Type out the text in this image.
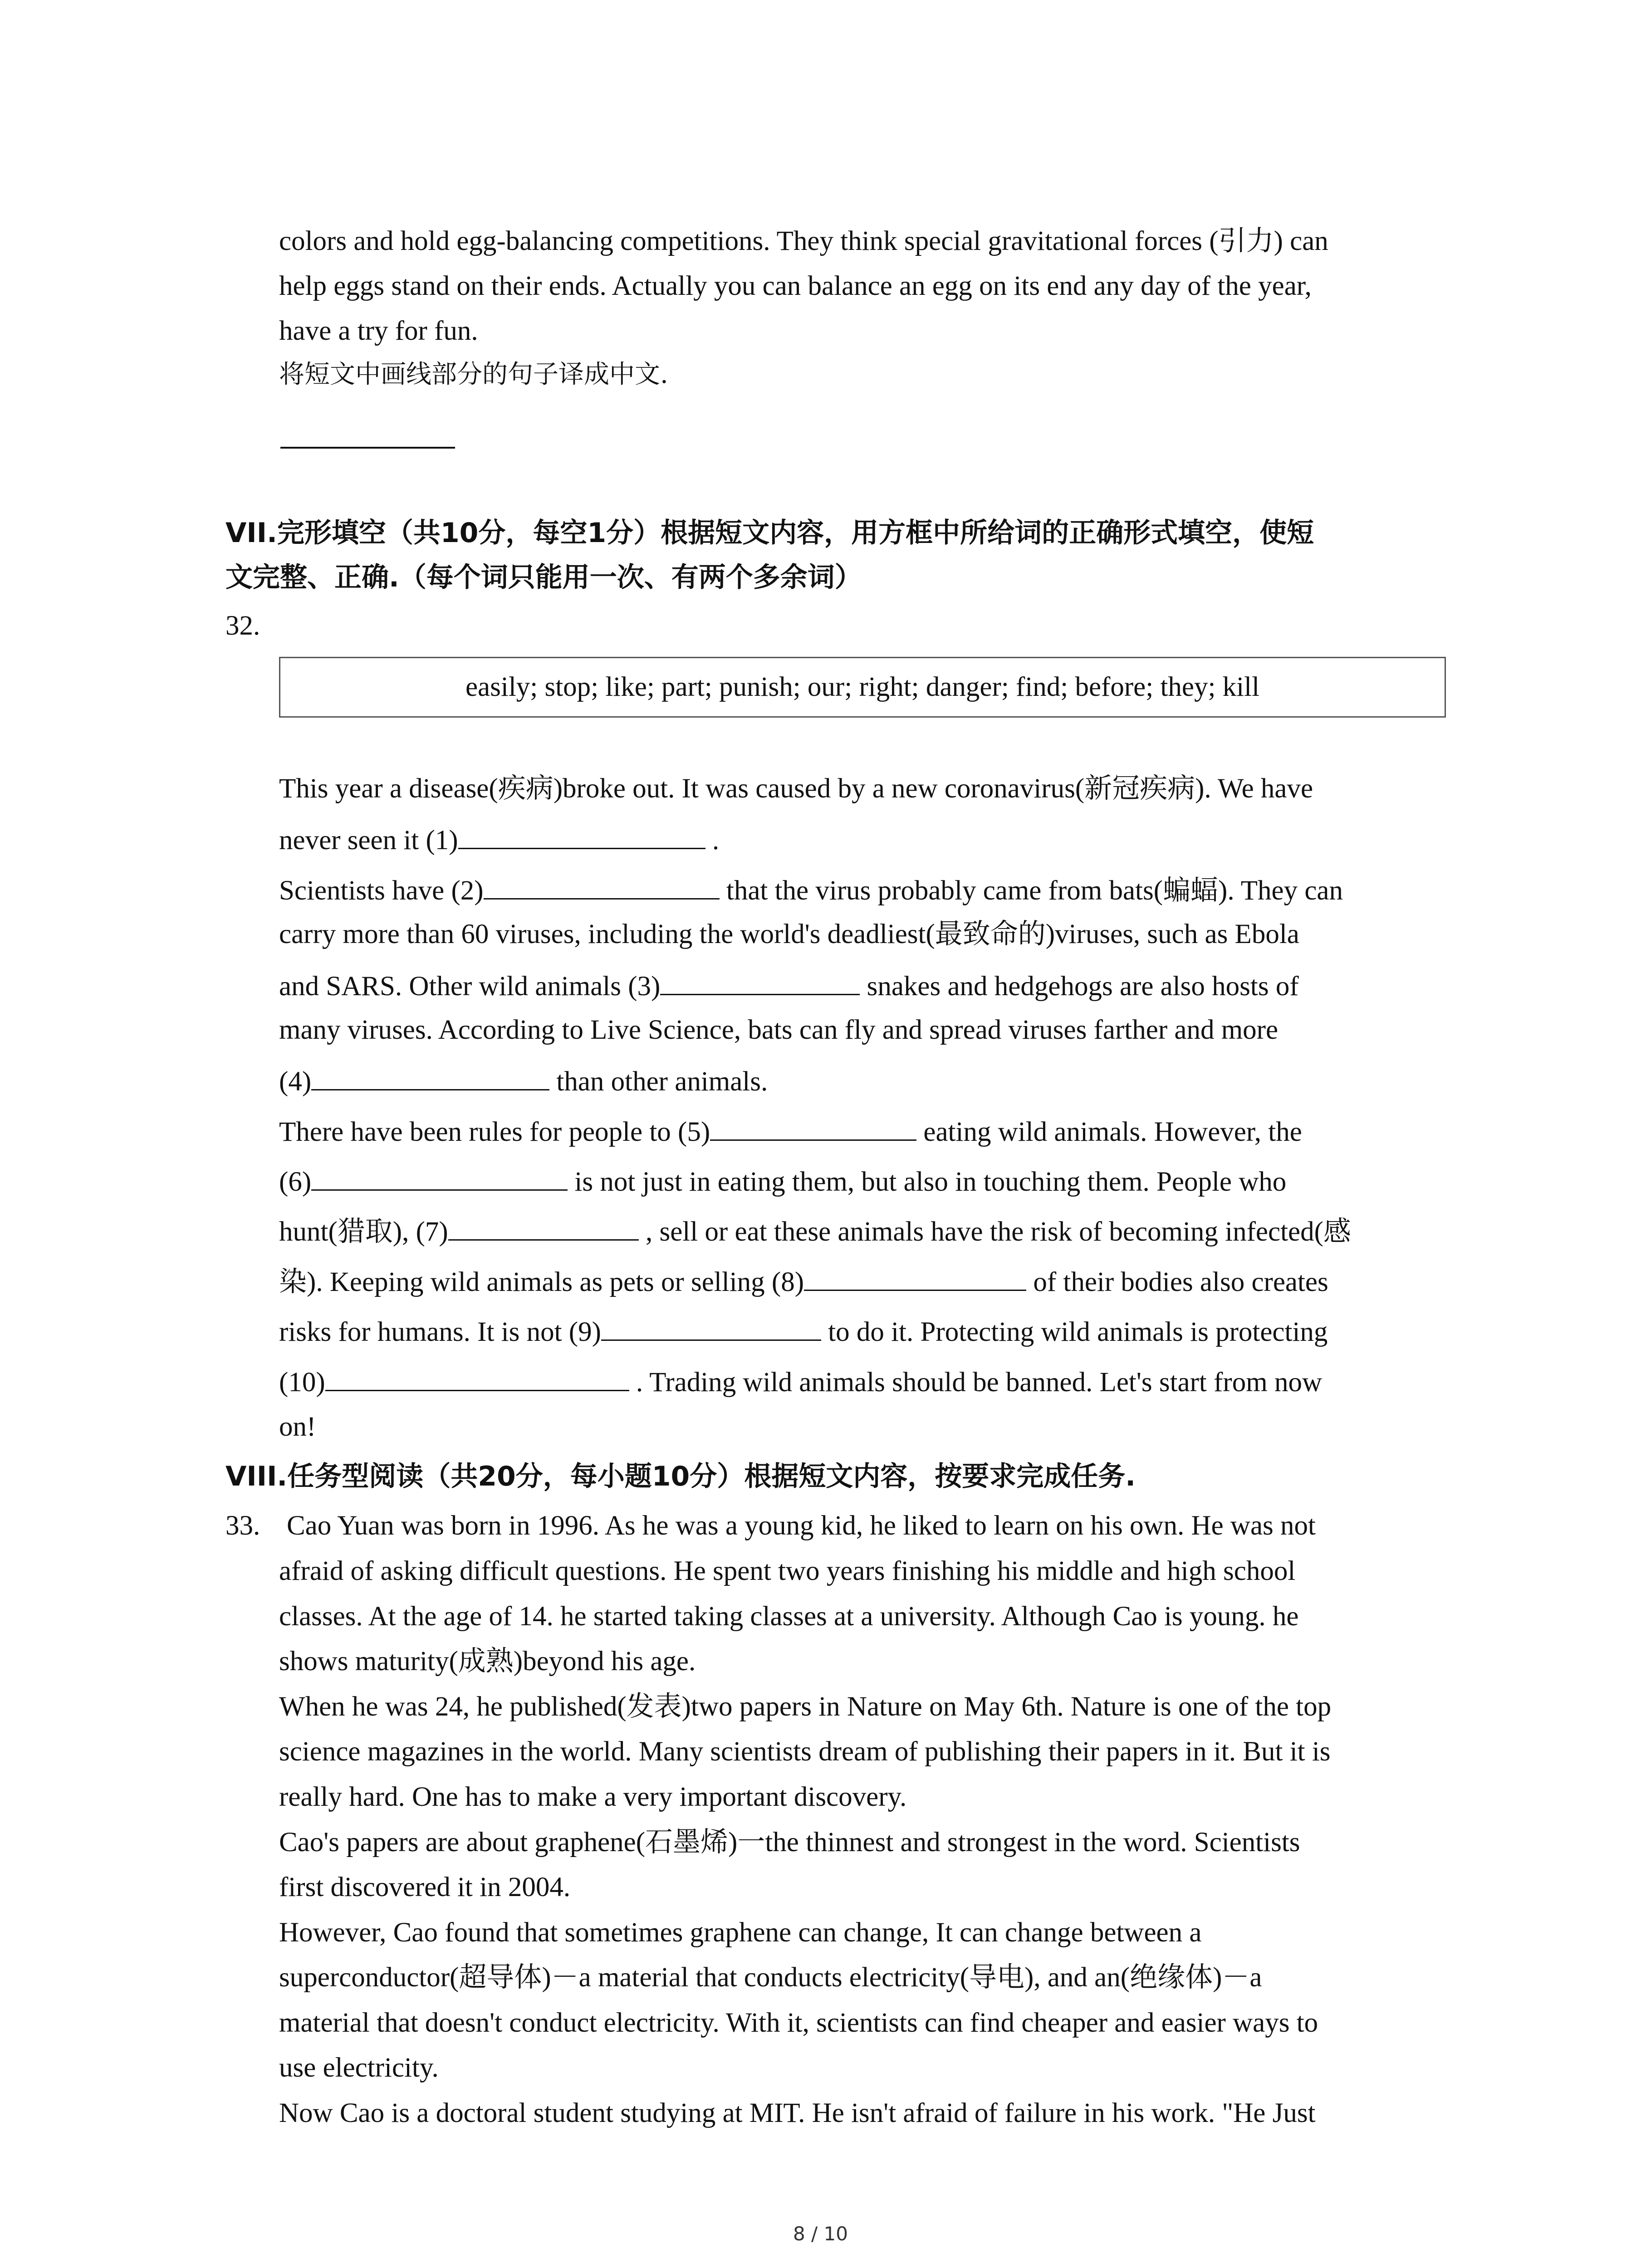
colors and hold egg-balancing competitions. They think special gravitational forces (引力) can
help eggs stand on their ends. Actually you can balance an egg on its end any day of the year,
have a try for fun.
将短文中画线部分的句子译成中文.
VII.完形填空（共10分，每空1分）根据短文内容，用方框中所给词的正确形式填空，使短
文完整、正确.（每个词只能用一次、有两个多余词）
32.
easily; stop; like; part; punish; our; right; danger; find; before; they; kill
This year a disease(疾病)broke out. It was caused by a new coronavirus(新冠疾病). We have
never seen it (1)	.
Scientists have (2)	that the virus probably came from bats(蝙蝠). They can
carry more than 60 viruses, including the world's deadliest(最致命的)viruses, such as Ebola
and SARS. Other wild animals (3)	snakes and hedgehogs are also hosts of
many viruses. According to Live Science, bats can fly and spread viruses farther and more
(4)	than other animals.
There have been rules for people to (5)	eating wild animals. However, the
(6)	is not just in eating them, but also in touching them. People who
hunt(猎取), (7)	, sell or eat these animals have the risk of becoming infected(感
染). Keeping wild animals as pets or selling (8)	of their bodies also creates
risks for humans. It is not (9)	to do it. Protecting wild animals is protecting
(10)	. Trading wild animals should be banned. Let's start from now
on!
VIII.任务型阅读（共20分，每小题10分）根据短文内容，按要求完成任务.
33. Cao Yuan was born in 1996. As he was a young kid, he liked to learn on his own. He was not
afraid of asking difficult questions. He spent two years finishing his middle and high school
classes. At the age of 14. he started taking classes at a university. Although Cao is young. he
shows maturity(成熟)beyond his age.
When he was 24, he published(发表)two papers in Nature on May 6th. Nature is one of the top
science magazines in the world. Many scientists dream of publishing their papers in it. But it is
really hard. One has to make a very important discovery.
Cao's papers are about graphene(石墨烯)一the thinnest and strongest in the word. Scientists
first discovered it in 2004.
However, Cao found that sometimes graphene can change, It can change between a
superconductor(超导体)－a material that conducts electricity(导电), and an(绝缘体)－a
material that doesn't conduct electricity. With it, scientists can find cheaper and easier ways to
use electricity.
Now Cao is a doctoral student studying at MIT. He isn't afraid of failure in his work. "He Just
8 / 10
